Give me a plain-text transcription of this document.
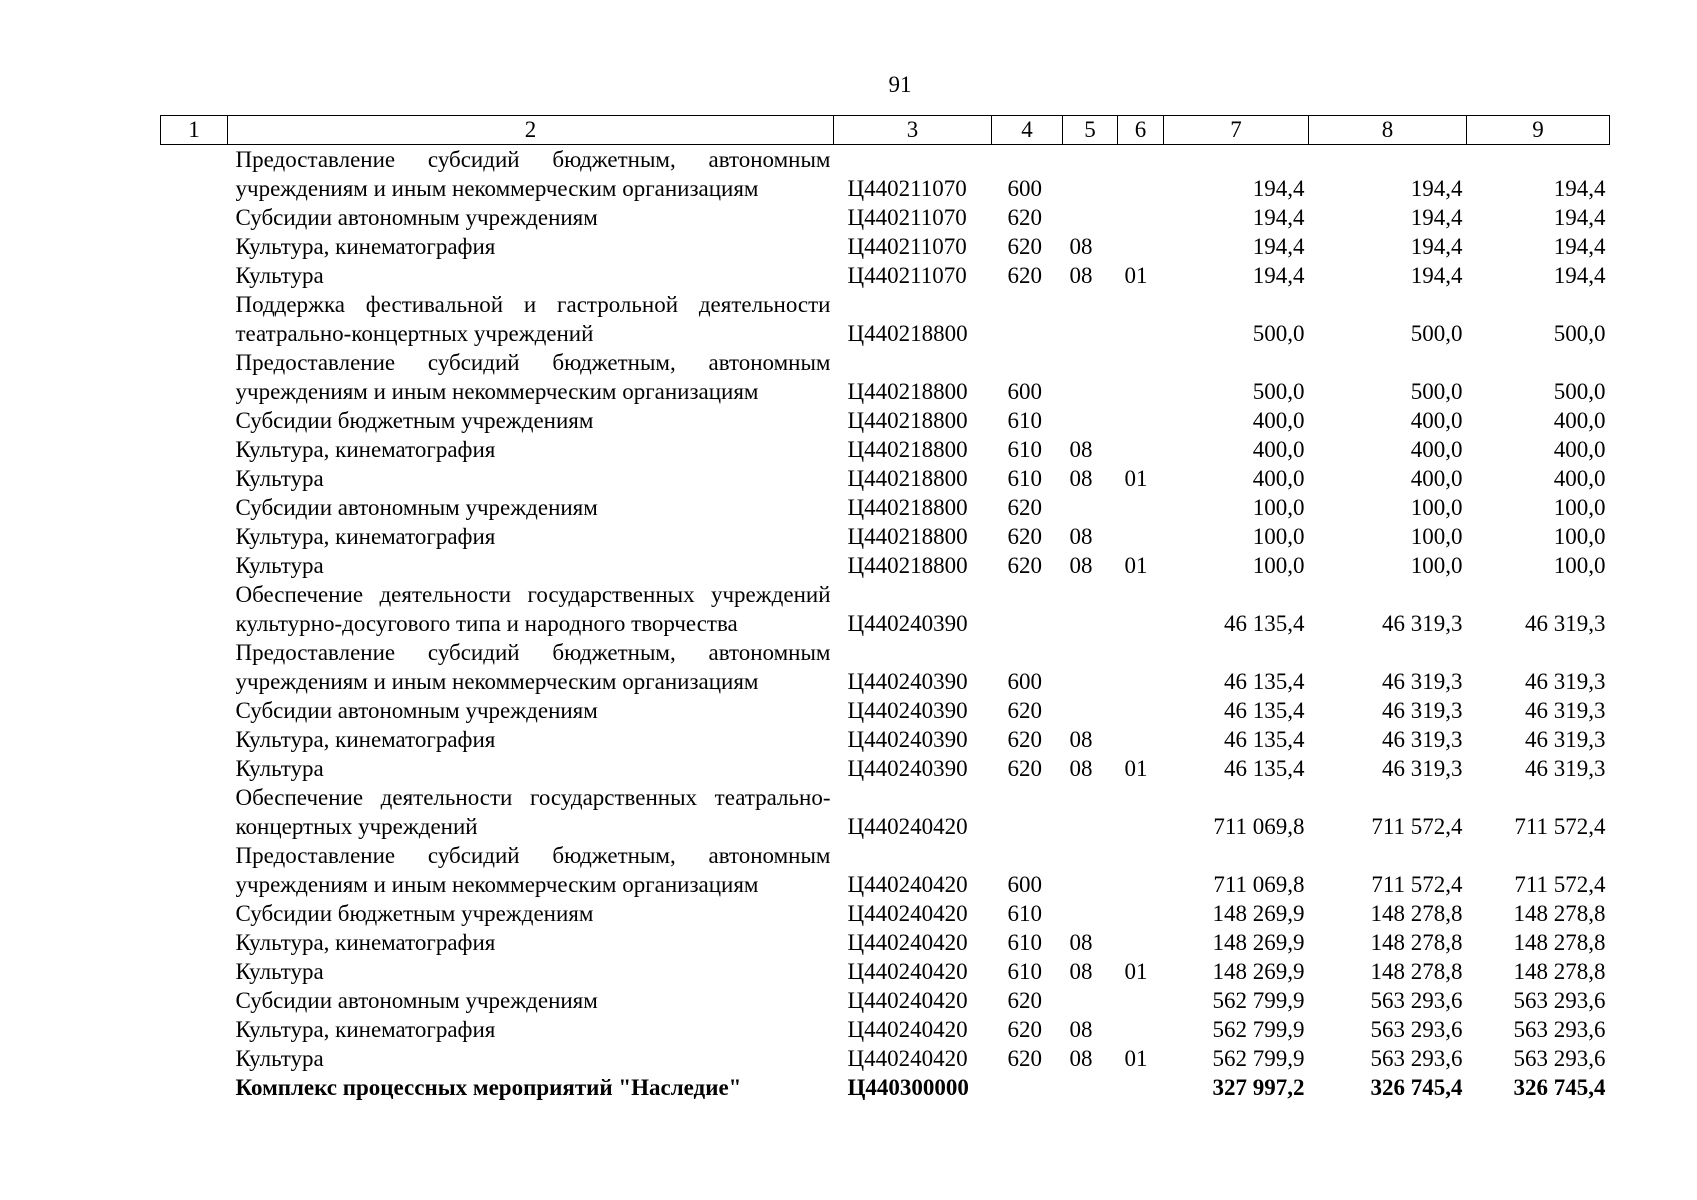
91
1	2	3	4	5	6	7	8	9
	Предоставление субсидий бюджетным, автономным учреждениям и иным некоммерческим организациям	Ц440211070	600			194,4	194,4	194,4
	Субсидии автономным учреждениям	Ц440211070	620			194,4	194,4	194,4
	Культура, кинематография	Ц440211070	620	08		194,4	194,4	194,4
	Культура	Ц440211070	620	08	01	194,4	194,4	194,4
	Поддержка фестивальной и гастрольной деятельности театрально-концертных учреждений	Ц440218800				500,0	500,0	500,0
	Предоставление субсидий бюджетным, автономным учреждениям и иным некоммерческим организациям	Ц440218800	600			500,0	500,0	500,0
	Субсидии бюджетным учреждениям	Ц440218800	610			400,0	400,0	400,0
	Культура, кинематография	Ц440218800	610	08		400,0	400,0	400,0
	Культура	Ц440218800	610	08	01	400,0	400,0	400,0
	Субсидии автономным учреждениям	Ц440218800	620			100,0	100,0	100,0
	Культура, кинематография	Ц440218800	620	08		100,0	100,0	100,0
	Культура	Ц440218800	620	08	01	100,0	100,0	100,0
	Обеспечение деятельности государственных учреждений культурно-досугового типа и народного творчества	Ц440240390				46 135,4	46 319,3	46 319,3
	Предоставление субсидий бюджетным, автономным учреждениям и иным некоммерческим организациям	Ц440240390	600			46 135,4	46 319,3	46 319,3
	Субсидии автономным учреждениям	Ц440240390	620			46 135,4	46 319,3	46 319,3
	Культура, кинематография	Ц440240390	620	08		46 135,4	46 319,3	46 319,3
	Культура	Ц440240390	620	08	01	46 135,4	46 319,3	46 319,3
	Обеспечение деятельности государственных театрально-концертных учреждений	Ц440240420				711 069,8	711 572,4	711 572,4
	Предоставление субсидий бюджетным, автономным учреждениям и иным некоммерческим организациям	Ц440240420	600			711 069,8	711 572,4	711 572,4
	Субсидии бюджетным учреждениям	Ц440240420	610			148 269,9	148 278,8	148 278,8
	Культура, кинематография	Ц440240420	610	08		148 269,9	148 278,8	148 278,8
	Культура	Ц440240420	610	08	01	148 269,9	148 278,8	148 278,8
	Субсидии автономным учреждениям	Ц440240420	620			562 799,9	563 293,6	563 293,6
	Культура, кинематография	Ц440240420	620	08		562 799,9	563 293,6	563 293,6
	Культура	Ц440240420	620	08	01	562 799,9	563 293,6	563 293,6
	Комплекс процессных мероприятий "Наследие"	Ц440300000				327 997,2	326 745,4	326 745,4
